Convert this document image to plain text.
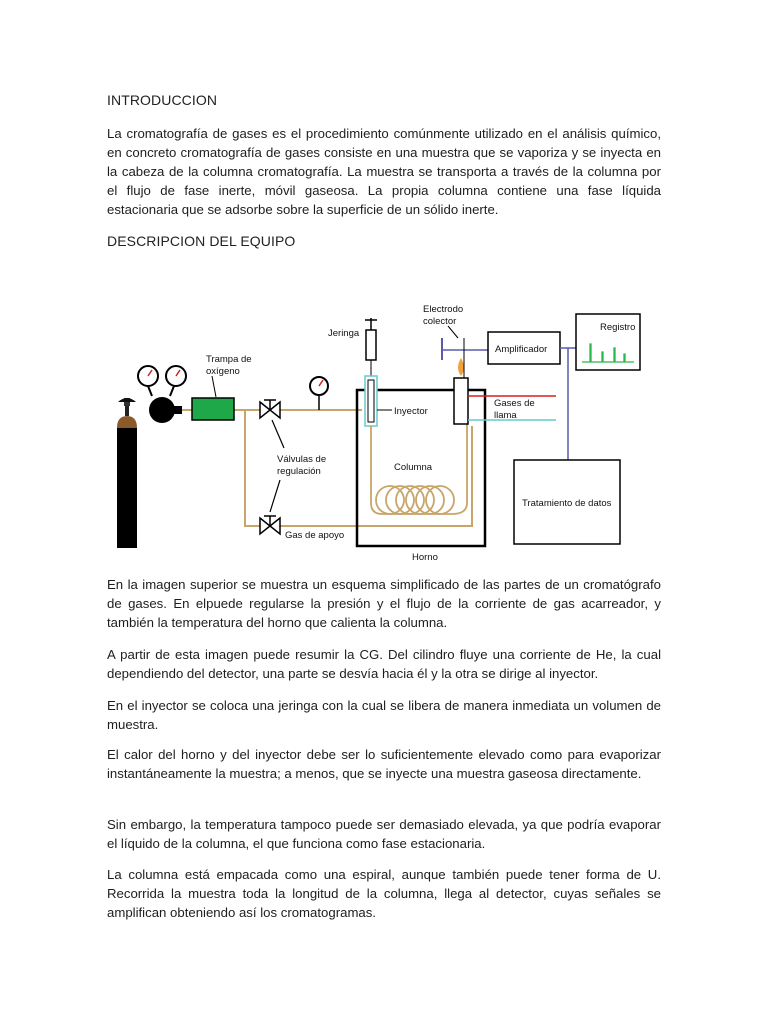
INTRODUCCION

La cromatografía de gases es el procedimiento comúnmente utilizado en el análisis químico, en concreto cromatografía de gases consiste en una muestra que se vaporiza y se inyecta en la cabeza de la columna cromatografía. La muestra se transporta a través de la columna por el flujo de fase inerte, móvil gaseosa. La propia columna contiene una fase líquida estacionaria que se adsorbe sobre la superficie de un sólido inerte.

DESCRIPCION DEL EQUIPO
Trampa de
oxígeno
Válvulas de
regulación
Gas de apoyo
Horno
Jeringa
Inyector
Columna
Electrodo
colector
Gases de
llama
Amplificador
Registro
Tratamiento de datos

En la imagen superior se muestra un esquema simplificado de las partes de un cromatógrafo de gases. En elpuede regularse la presión y el flujo de la corriente de gas acarreador, y también la temperatura del horno que calienta la columna.

A partir de esta imagen puede resumir la CG. Del cilindro fluye una corriente de He, la cual dependiendo del detector, una parte se desvía hacia él y la otra se dirige al inyector.

En el inyector se coloca una jeringa con la cual se libera de manera inmediata un volumen de muestra.

El calor del horno y del inyector debe ser lo suficientemente elevado como para evaporizar instantáneamente la muestra; a menos, que se inyecte una muestra gaseosa directamente.

Sin embargo, la temperatura tampoco puede ser demasiado elevada, ya que podría evaporar el líquido de la columna, el que funciona como fase estacionaria.

La columna está empacada como una espiral, aunque también puede tener forma de U. Recorrida la muestra toda la longitud de la columna, llega al detector, cuyas señales se amplifican obteniendo así los cromatogramas.
